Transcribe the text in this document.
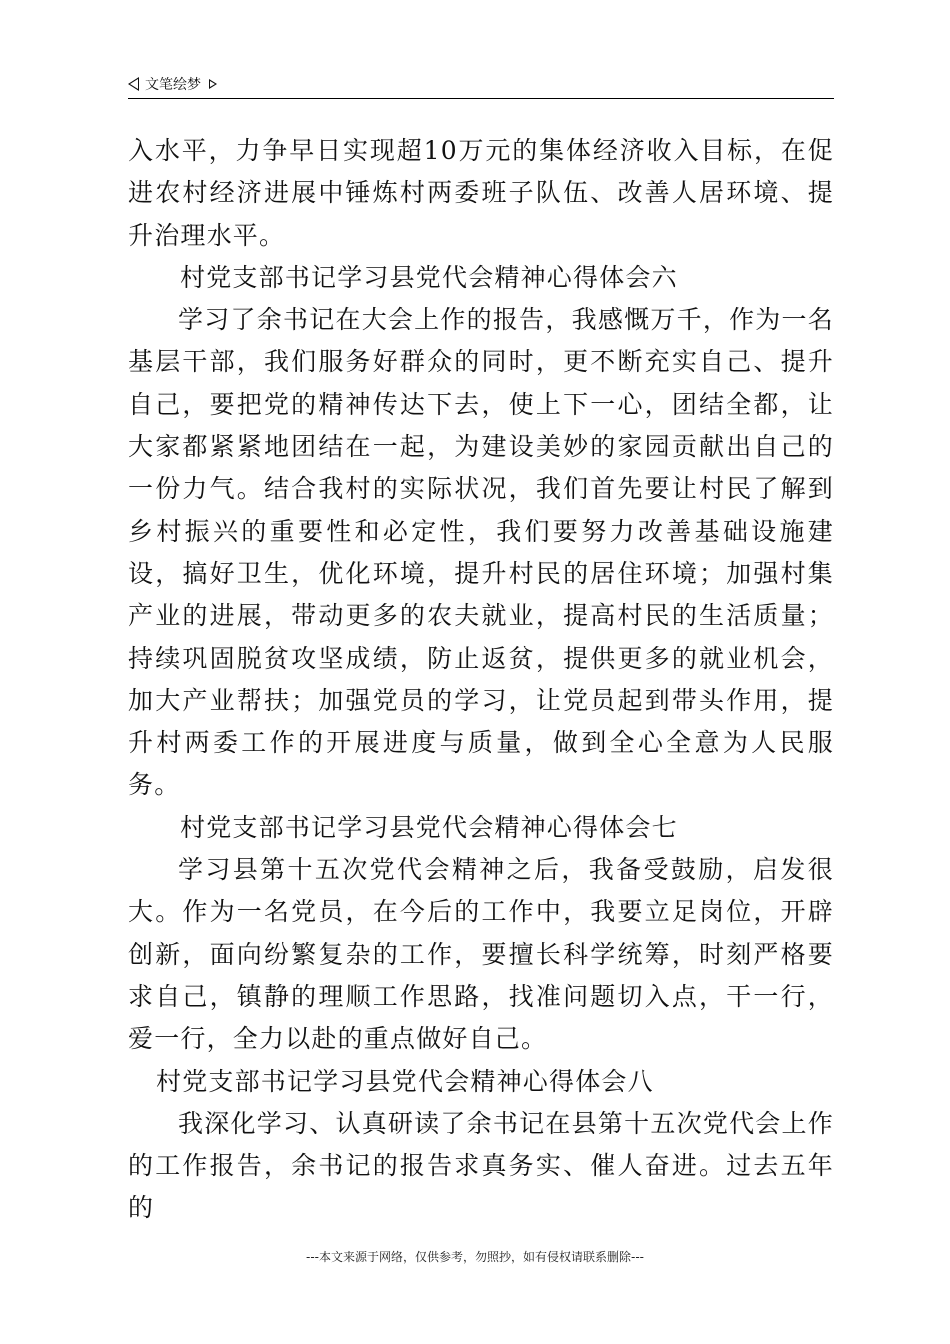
文笔绘梦

入水平，力争早日实现超10万元的集体经济收入目标，在促进农村经济进展中锤炼村两委班子队伍、改善人居环境、提升治理水平。

村党支部书记学习县党代会精神心得体会六

学习了余书记在大会上作的报告，我感慨万千，作为一名基层干部，我们服务好群众的同时，更不断充实自己、提升自己，要把党的精神传达下去，使上下一心，团结全都，让大家都紧紧地团结在一起，为建设美妙的家园贡献出自己的一份力气。结合我村的实际状况，我们首先要让村民了解到乡村振兴的重要性和必定性，我们要努力改善基础设施建设，搞好卫生，优化环境，提升村民的居住环境；加强村集产业的进展，带动更多的农夫就业，提高村民的生活质量；持续巩固脱贫攻坚成绩，防止返贫，提供更多的就业机会，加大产业帮扶；加强党员的学习，让党员起到带头作用，提升村两委工作的开展进度与质量，做到全心全意为人民服务。

村党支部书记学习县党代会精神心得体会七

学习县第十五次党代会精神之后，我备受鼓励，启发很大。作为一名党员，在今后的工作中，我要立足岗位，开辟创新，面向纷繁复杂的工作，要擅长科学统筹，时刻严格要求自己，镇静的理顺工作思路，找准问题切入点，干一行，爱一行，全力以赴的重点做好自己。

村党支部书记学习县党代会精神心得体会八

我深化学习、认真研读了余书记在县第十五次党代会上作的工作报告，余书记的报告求真务实、催人奋进。过去五年的

---本文来源于网络，仅供参考，勿照抄，如有侵权请联系删除---
